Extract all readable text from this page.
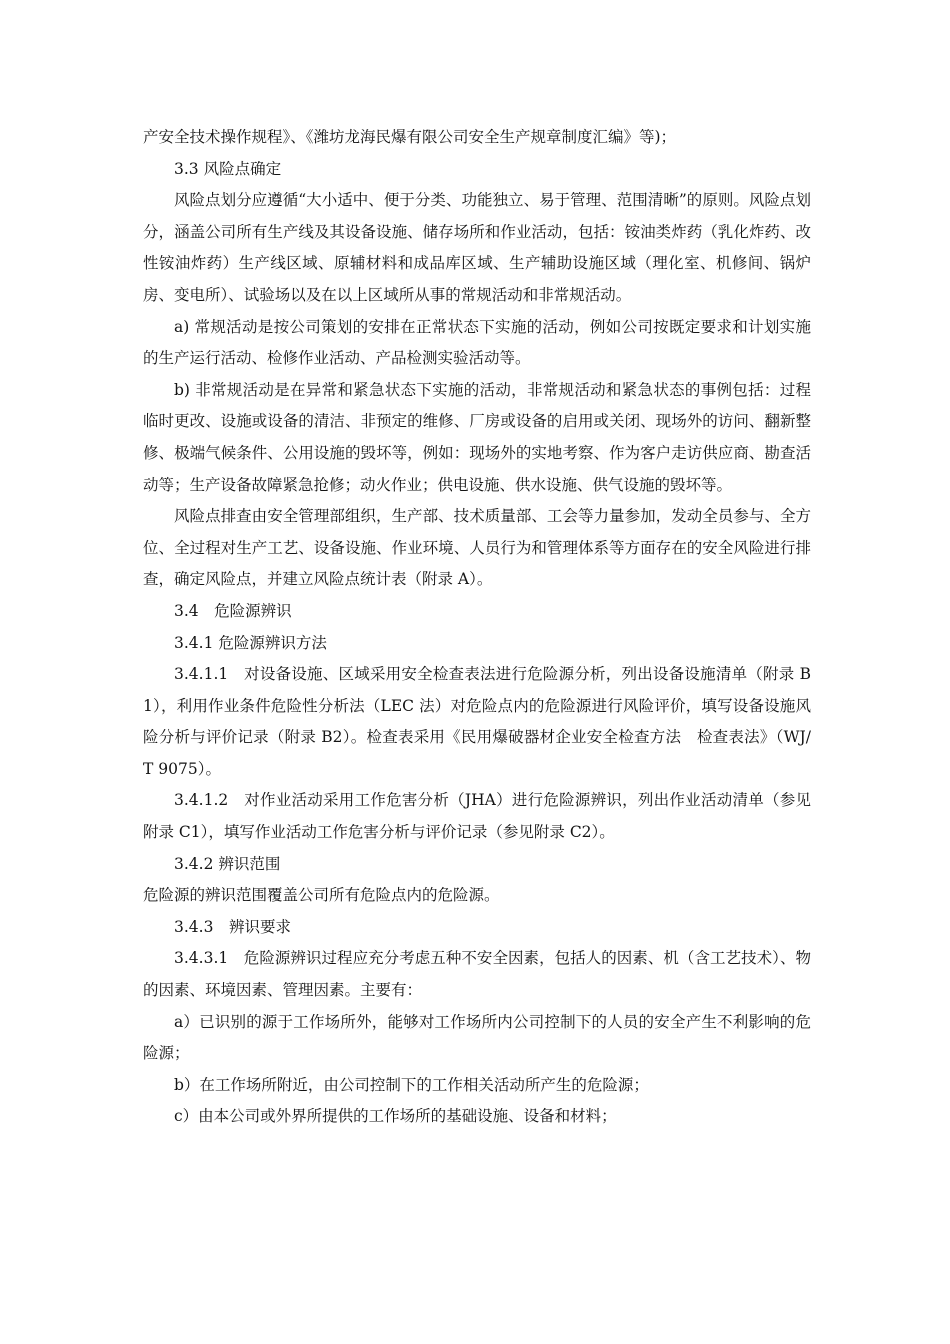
产安全技术操作规程》、《潍坊龙海民爆有限公司安全生产规章制度汇编》等)；

3.3 风险点确定

风险点划分应遵循“大小适中、便于分类、功能独立、易于管理、范围清晰”的原则。风险点划分，涵盖公司所有生产线及其设备设施、储存场所和作业活动，包括：铵油类炸药（乳化炸药、改性铵油炸药）生产线区域、原辅材料和成品库区域、生产辅助设施区域（理化室、机修间、锅炉房、变电所）、试验场以及在以上区域所从事的常规活动和非常规活动。

a) 常规活动是按公司策划的安排在正常状态下实施的活动，例如公司按既定要求和计划实施的生产运行活动、检修作业活动、产品检测实验活动等。

b) 非常规活动是在异常和紧急状态下实施的活动，非常规活动和紧急状态的事例包括：过程临时更改、设施或设备的清洁、非预定的维修、厂房或设备的启用或关闭、现场外的访问、翻新整修、极端气候条件、公用设施的毁坏等，例如：现场外的实地考察、作为客户走访供应商、勘查活动等；生产设备故障紧急抢修；动火作业；供电设施、供水设施、供气设施的毁坏等。

风险点排查由安全管理部组织，生产部、技术质量部、工会等力量参加，发动全员参与、全方位、全过程对生产工艺、设备设施、作业环境、人员行为和管理体系等方面存在的安全风险进行排查，确定风险点，并建立风险点统计表（附录 A）。

3.4　危险源辨识

3.4.1 危险源辨识方法

3.4.1.1　对设备设施、区域采用安全检查表法进行危险源分析，列出设备设施清单（附录 B1），利用作业条件危险性分析法（LEC 法）对危险点内的危险源进行风险评价，填写设备设施风险分析与评价记录（附录 B2）。检查表采用《民用爆破器材企业安全检查方法　检查表法》（WJ/T 9075）。

3.4.1.2　对作业活动采用工作危害分析（JHA）进行危险源辨识，列出作业活动清单（参见附录 C1），填写作业活动工作危害分析与评价记录（参见附录 C2）。

3.4.2 辨识范围

危险源的辨识范围覆盖公司所有危险点内的危险源。

3.4.3　辨识要求

3.4.3.1　危险源辨识过程应充分考虑五种不安全因素，包括人的因素、机（含工艺技术）、物的因素、环境因素、管理因素。主要有：

a）已识别的源于工作场所外，能够对工作场所内公司控制下的人员的安全产生不利影响的危险源；

b）在工作场所附近，由公司控制下的工作相关活动所产生的危险源；

c）由本公司或外界所提供的工作场所的基础设施、设备和材料；
